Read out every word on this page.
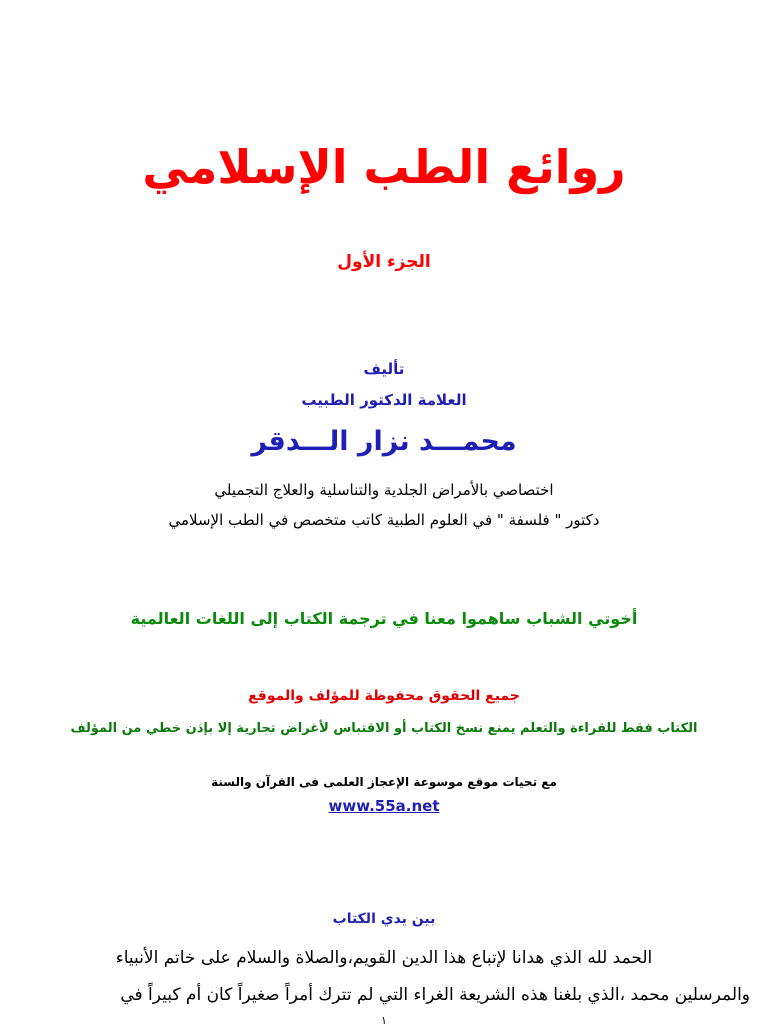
روائع الطب الإسلامي
الجزء الأول
تأليف
العلامة الدكتور الطبيب
محمـــد نزار الـــدقر
اختصاصي بالأمراض الجلدية والتناسلية والعلاج التجميلي
دكتور " فلسفة " في العلوم الطبية كاتب متخصص في الطب الإسلامي
أخوتي الشباب ساهموا معنا في ترجمة الكتاب إلى اللغات العالمية
جميع الحقوق محفوظة للمؤلف والموقع
الكتاب فقط للقراءة والتعلم يمنع نسخ الكتاب أو الاقتباس لأغراض تجارية إلا بإذن خطي من المؤلف
مع تحيات موقع موسوعة الإعجاز العلمى فى القرآن والسنة
www.55a.net
بين يدي الكتاب
الحمد لله الذي هدانا لإتباع هذا الدين القويم،والصلاة والسلام على خاتم الأنبياء
والمرسلين محمد ،الذي بلغنا هذه الشريعة الغراء التي لم تترك أمراً صغيراً كان أم كبيراً في
١
